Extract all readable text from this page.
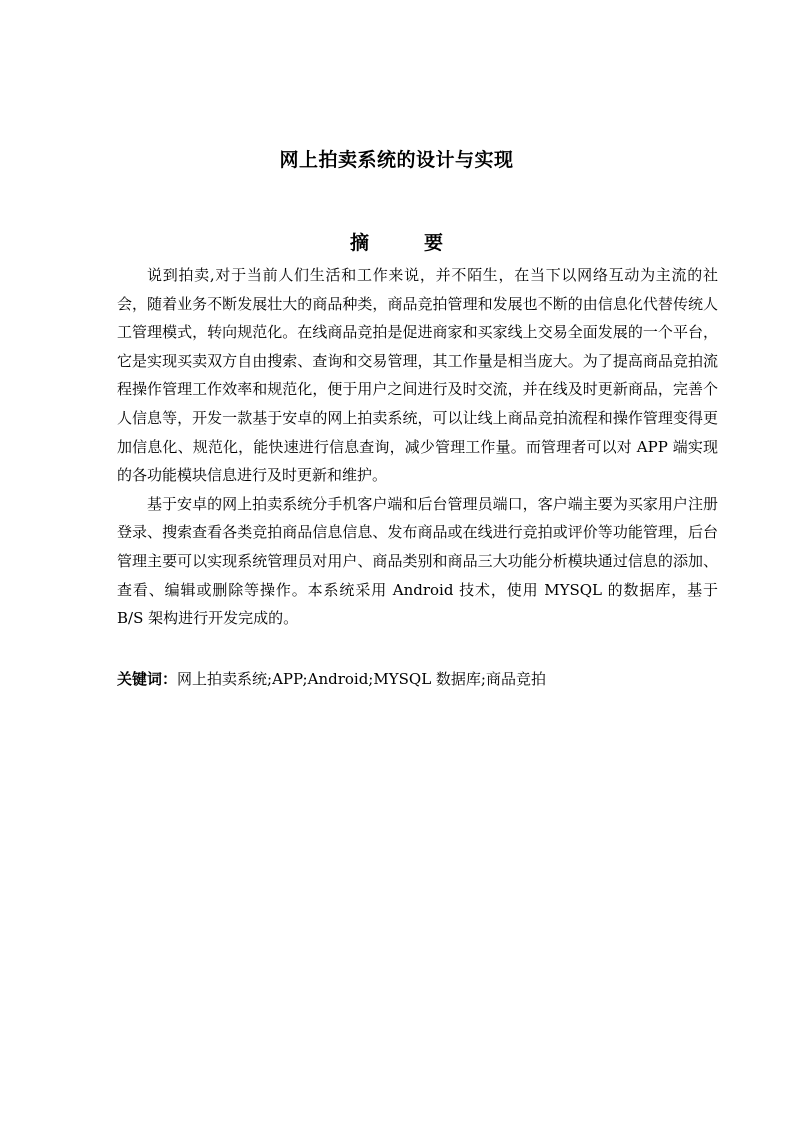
网上拍卖系统的设计与实现
摘　要

说到拍卖,对于当前人们生活和工作来说，并不陌生，在当下以网络互动为主流的社会，随着业务不断发展壮大的商品种类，商品竞拍管理和发展也不断的由信息化代替传统人工管理模式，转向规范化。在线商品竞拍是促进商家和买家线上交易全面发展的一个平台，它是实现买卖双方自由搜索、查询和交易管理，其工作量是相当庞大。为了提高商品竞拍流程操作管理工作效率和规范化，便于用户之间进行及时交流，并在线及时更新商品，完善个人信息等，开发一款基于安卓的网上拍卖系统，可以让线上商品竞拍流程和操作管理变得更加信息化、规范化，能快速进行信息查询，减少管理工作量。而管理者可以对 APP 端实现的各功能模块信息进行及时更新和维护。

基于安卓的网上拍卖系统分手机客户端和后台管理员端口，客户端主要为买家用户注册登录、搜索查看各类竞拍商品信息信息、发布商品或在线进行竞拍或评价等功能管理，后台管理主要可以实现系统管理员对用户、商品类别和商品三大功能分析模块通过信息的添加、查看、编辑或删除等操作。本系统采用 Android 技术，使用 MYSQL 的数据库，基于 B/S 架构进行开发完成的。

关键词：网上拍卖系统;APP;Android;MYSQL 数据库;商品竞拍
